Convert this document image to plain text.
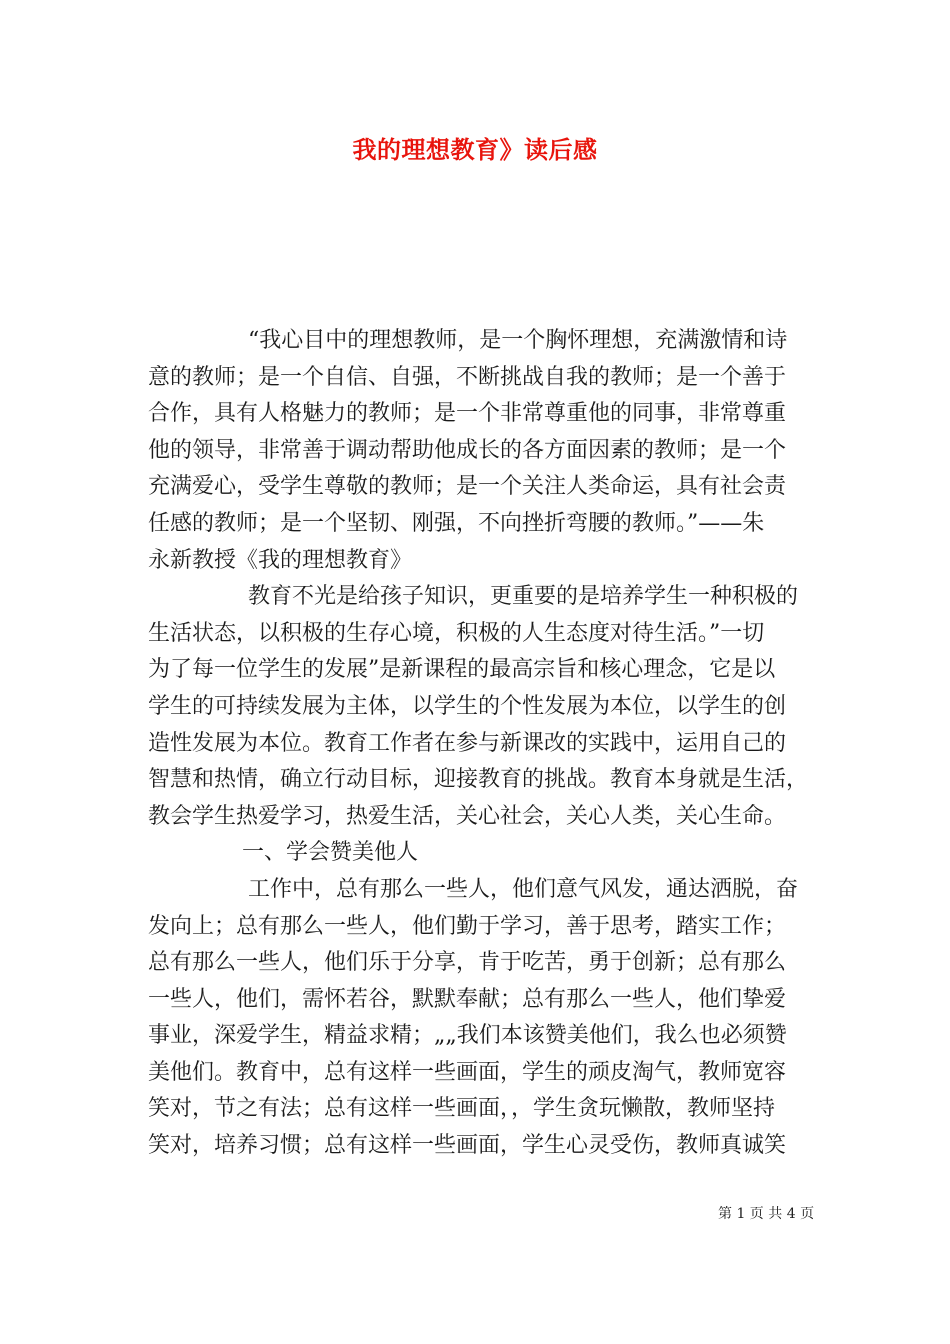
我的理想教育》读后感
“我心目中的理想教师，是一个胸怀理想，充满激情和诗
意的教师；是一个自信、自强，不断挑战自我的教师；是一个善于
合作，具有人格魅力的教师；是一个非常尊重他的同事，非常尊重
他的领导，非常善于调动帮助他成长的各方面因素的教师；是一个
充满爱心，受学生尊敬的教师；是一个关注人类命运，具有社会责
任感的教师；是一个坚韧、刚强，不向挫折弯腰的教师。”——朱
永新教授《我的理想教育》
教育不光是给孩子知识，更重要的是培养学生一种积极的
生活状态，以积极的生存心境，积极的人生态度对待生活。”一切
为了每一位学生的发展”是新课程的最高宗旨和核心理念，它是以
学生的可持续发展为主体，以学生的个性发展为本位，以学生的创
造性发展为本位。教育工作者在参与新课改的实践中，运用自己的
智慧和热情，确立行动目标，迎接教育的挑战。教育本身就是生活，
教会学生热爱学习，热爱生活，关心社会，关心人类，关心生命。
一、学会赞美他人
工作中，总有那么一些人，他们意气风发，通达洒脱，奋
发向上；总有那么一些人，他们勤于学习，善于思考，踏实工作；
总有那么一些人，他们乐于分享，肯于吃苦，勇于创新；总有那么
一些人，他们，需怀若谷，默默奉献；总有那么一些人，他们挚爱
事业，深爱学生，精益求精；„„我们本该赞美他们，我么也必须赞
美他们。教育中，总有这样一些画面，学生的顽皮淘气，教师宽容
笑对，节之有法；总有这样一些画面，，学生贪玩懒散，教师坚持
笑对，培养习惯；总有这样一些画面，学生心灵受伤，教师真诚笑
第 1 页 共 4 页
